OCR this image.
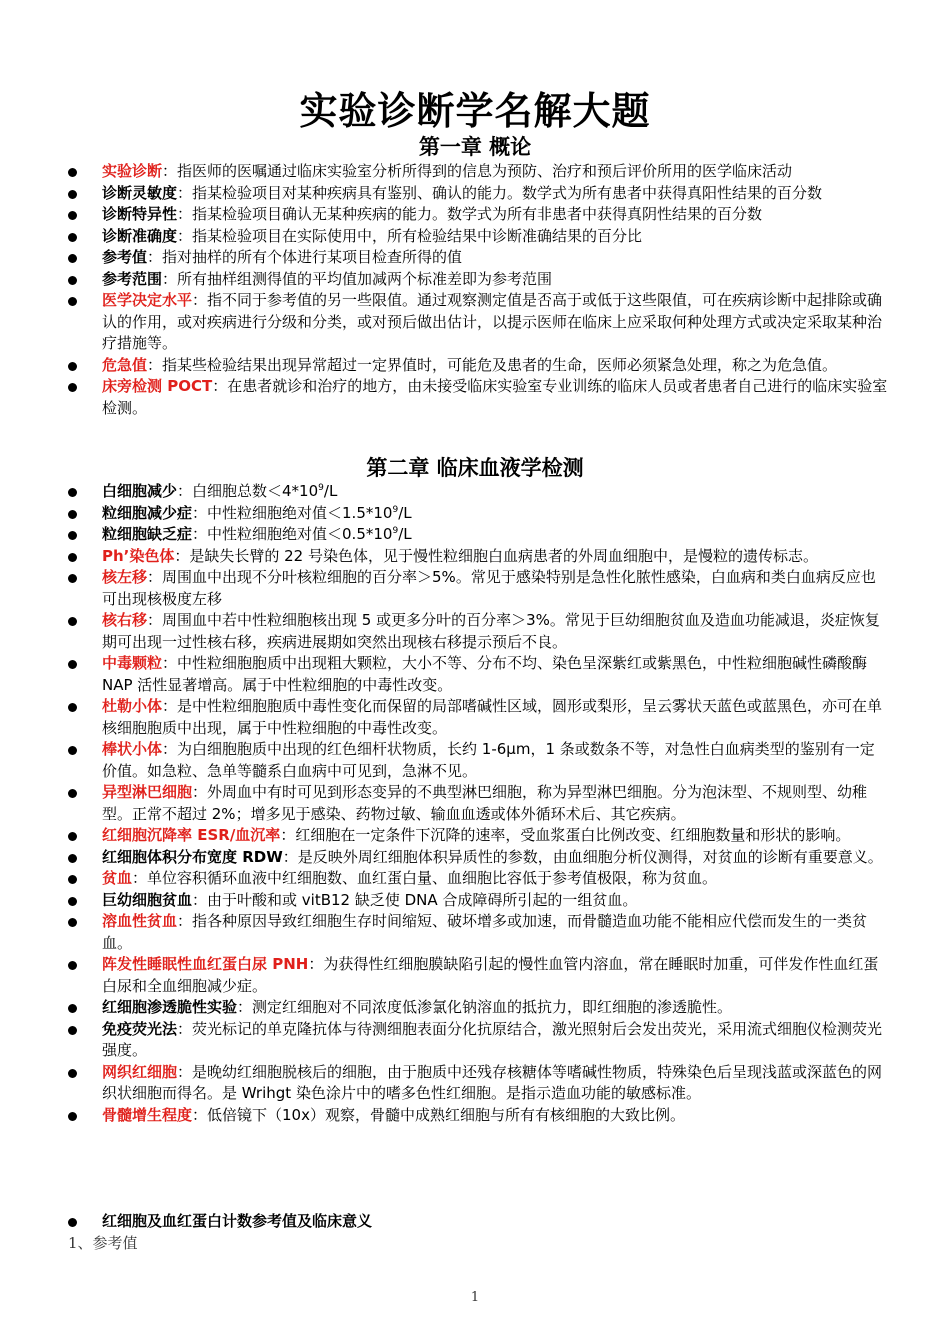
实验诊断学名解大题
第一章 概论
实验诊断：指医师的医嘱通过临床实验室分析所得到的信息为预防、治疗和预后评价所用的医学临床活动
诊断灵敏度：指某检验项目对某种疾病具有鉴别、确认的能力。数学式为所有患者中获得真阳性结果的百分数
诊断特异性：指某检验项目确认无某种疾病的能力。数学式为所有非患者中获得真阴性结果的百分数
诊断准确度：指某检验项目在实际使用中，所有检验结果中诊断准确结果的百分比
参考值：指对抽样的所有个体进行某项目检查所得的值
参考范围：所有抽样组测得值的平均值加减两个标准差即为参考范围
医学决定水平：指不同于参考值的另一些限值。通过观察测定值是否高于或低于这些限值，可在疾病诊断中起排除或确认的作用，或对疾病进行分级和分类，或对预后做出估计，以提示医师在临床上应采取何种处理方式或决定采取某种治疗措施等。
危急值：指某些检验结果出现异常超过一定界值时，可能危及患者的生命，医师必须紧急处理，称之为危急值。
床旁检测 POCT：在患者就诊和治疗的地方，由未接受临床实验室专业训练的临床人员或者患者自己进行的临床实验室检测。
第二章 临床血液学检测
白细胞减少：白细胞总数$<4*10^9/L$
粒细胞减少症：中性粒细胞绝对值$<1.5*10^9/L$
粒细胞缺乏症：中性粒细胞绝对值$<0.5*10^9/L$
Ph’染色体：是缺失长臂的 22 号染色体，见于慢性粒细胞白血病患者的外周血细胞中，是慢粒的遗传标志。
核左移：周围血中出现不分叶核粒细胞的百分率＞5%。常见于感染特别是急性化脓性感染，白血病和类白血病反应也可出现核极度左移
核右移：周围血中若中性粒细胞核出现 5 或更多分叶的百分率＞3%。常见于巨幼细胞贫血及造血功能减退，炎症恢复期可出现一过性核右移，疾病进展期如突然出现核右移提示预后不良。
中毒颗粒：中性粒细胞胞质中出现粗大颗粒，大小不等、分布不均、染色呈深紫红或紫黑色，中性粒细胞碱性磷酸酶 NAP 活性显著增高。属于中性粒细胞的中毒性改变。
杜勒小体：是中性粒细胞胞质中毒性变化而保留的局部嗜碱性区域，圆形或梨形，呈云雾状天蓝色或蓝黑色，亦可在单核细胞胞质中出现，属于中性粒细胞的中毒性改变。
棒状小体：为白细胞胞质中出现的红色细杆状物质，长约 1-6μm，1 条或数条不等，对急性白血病类型的鉴别有一定价值。如急粒、急单等髓系白血病中可见到，急淋不见。
异型淋巴细胞：外周血中有时可见到形态变异的不典型淋巴细胞，称为异型淋巴细胞。分为泡沫型、不规则型、幼稚型。正常不超过 2%；增多见于感染、药物过敏、输血血透或体外循环术后、其它疾病。
红细胞沉降率 ESR/血沉率：红细胞在一定条件下沉降的速率，受血浆蛋白比例改变、红细胞数量和形状的影响。
红细胞体积分布宽度 RDW：是反映外周红细胞体积异质性的参数，由血细胞分析仪测得，对贫血的诊断有重要意义。
贫血：单位容积循环血液中红细胞数、血红蛋白量、血细胞比容低于参考值极限，称为贫血。
巨幼细胞贫血：由于叶酸和或 vitB12 缺乏使 DNA 合成障碍所引起的一组贫血。
溶血性贫血：指各种原因导致红细胞生存时间缩短、破坏增多或加速，而骨髓造血功能不能相应代偿而发生的一类贫血。
阵发性睡眠性血红蛋白尿 PNH：为获得性红细胞膜缺陷引起的慢性血管内溶血，常在睡眠时加重，可伴发作性血红蛋白尿和全血细胞减少症。
红细胞渗透脆性实验：测定红细胞对不同浓度低渗氯化钠溶血的抵抗力，即红细胞的渗透脆性。
免疫荧光法：荧光标记的单克隆抗体与待测细胞表面分化抗原结合，激光照射后会发出荧光，采用流式细胞仪检测荧光强度。
网织红细胞：是晚幼红细胞脱核后的细胞，由于胞质中还残存核糖体等嗜碱性物质，特殊染色后呈现浅蓝或深蓝色的网织状细胞而得名。是 Wrihgt 染色涂片中的嗜多色性红细胞。是指示造血功能的敏感标准。
骨髓增生程度：低倍镜下（10x）观察，骨髓中成熟红细胞与所有有核细胞的大致比例。
红细胞及血红蛋白计数参考值及临床意义
1、参考值
1
